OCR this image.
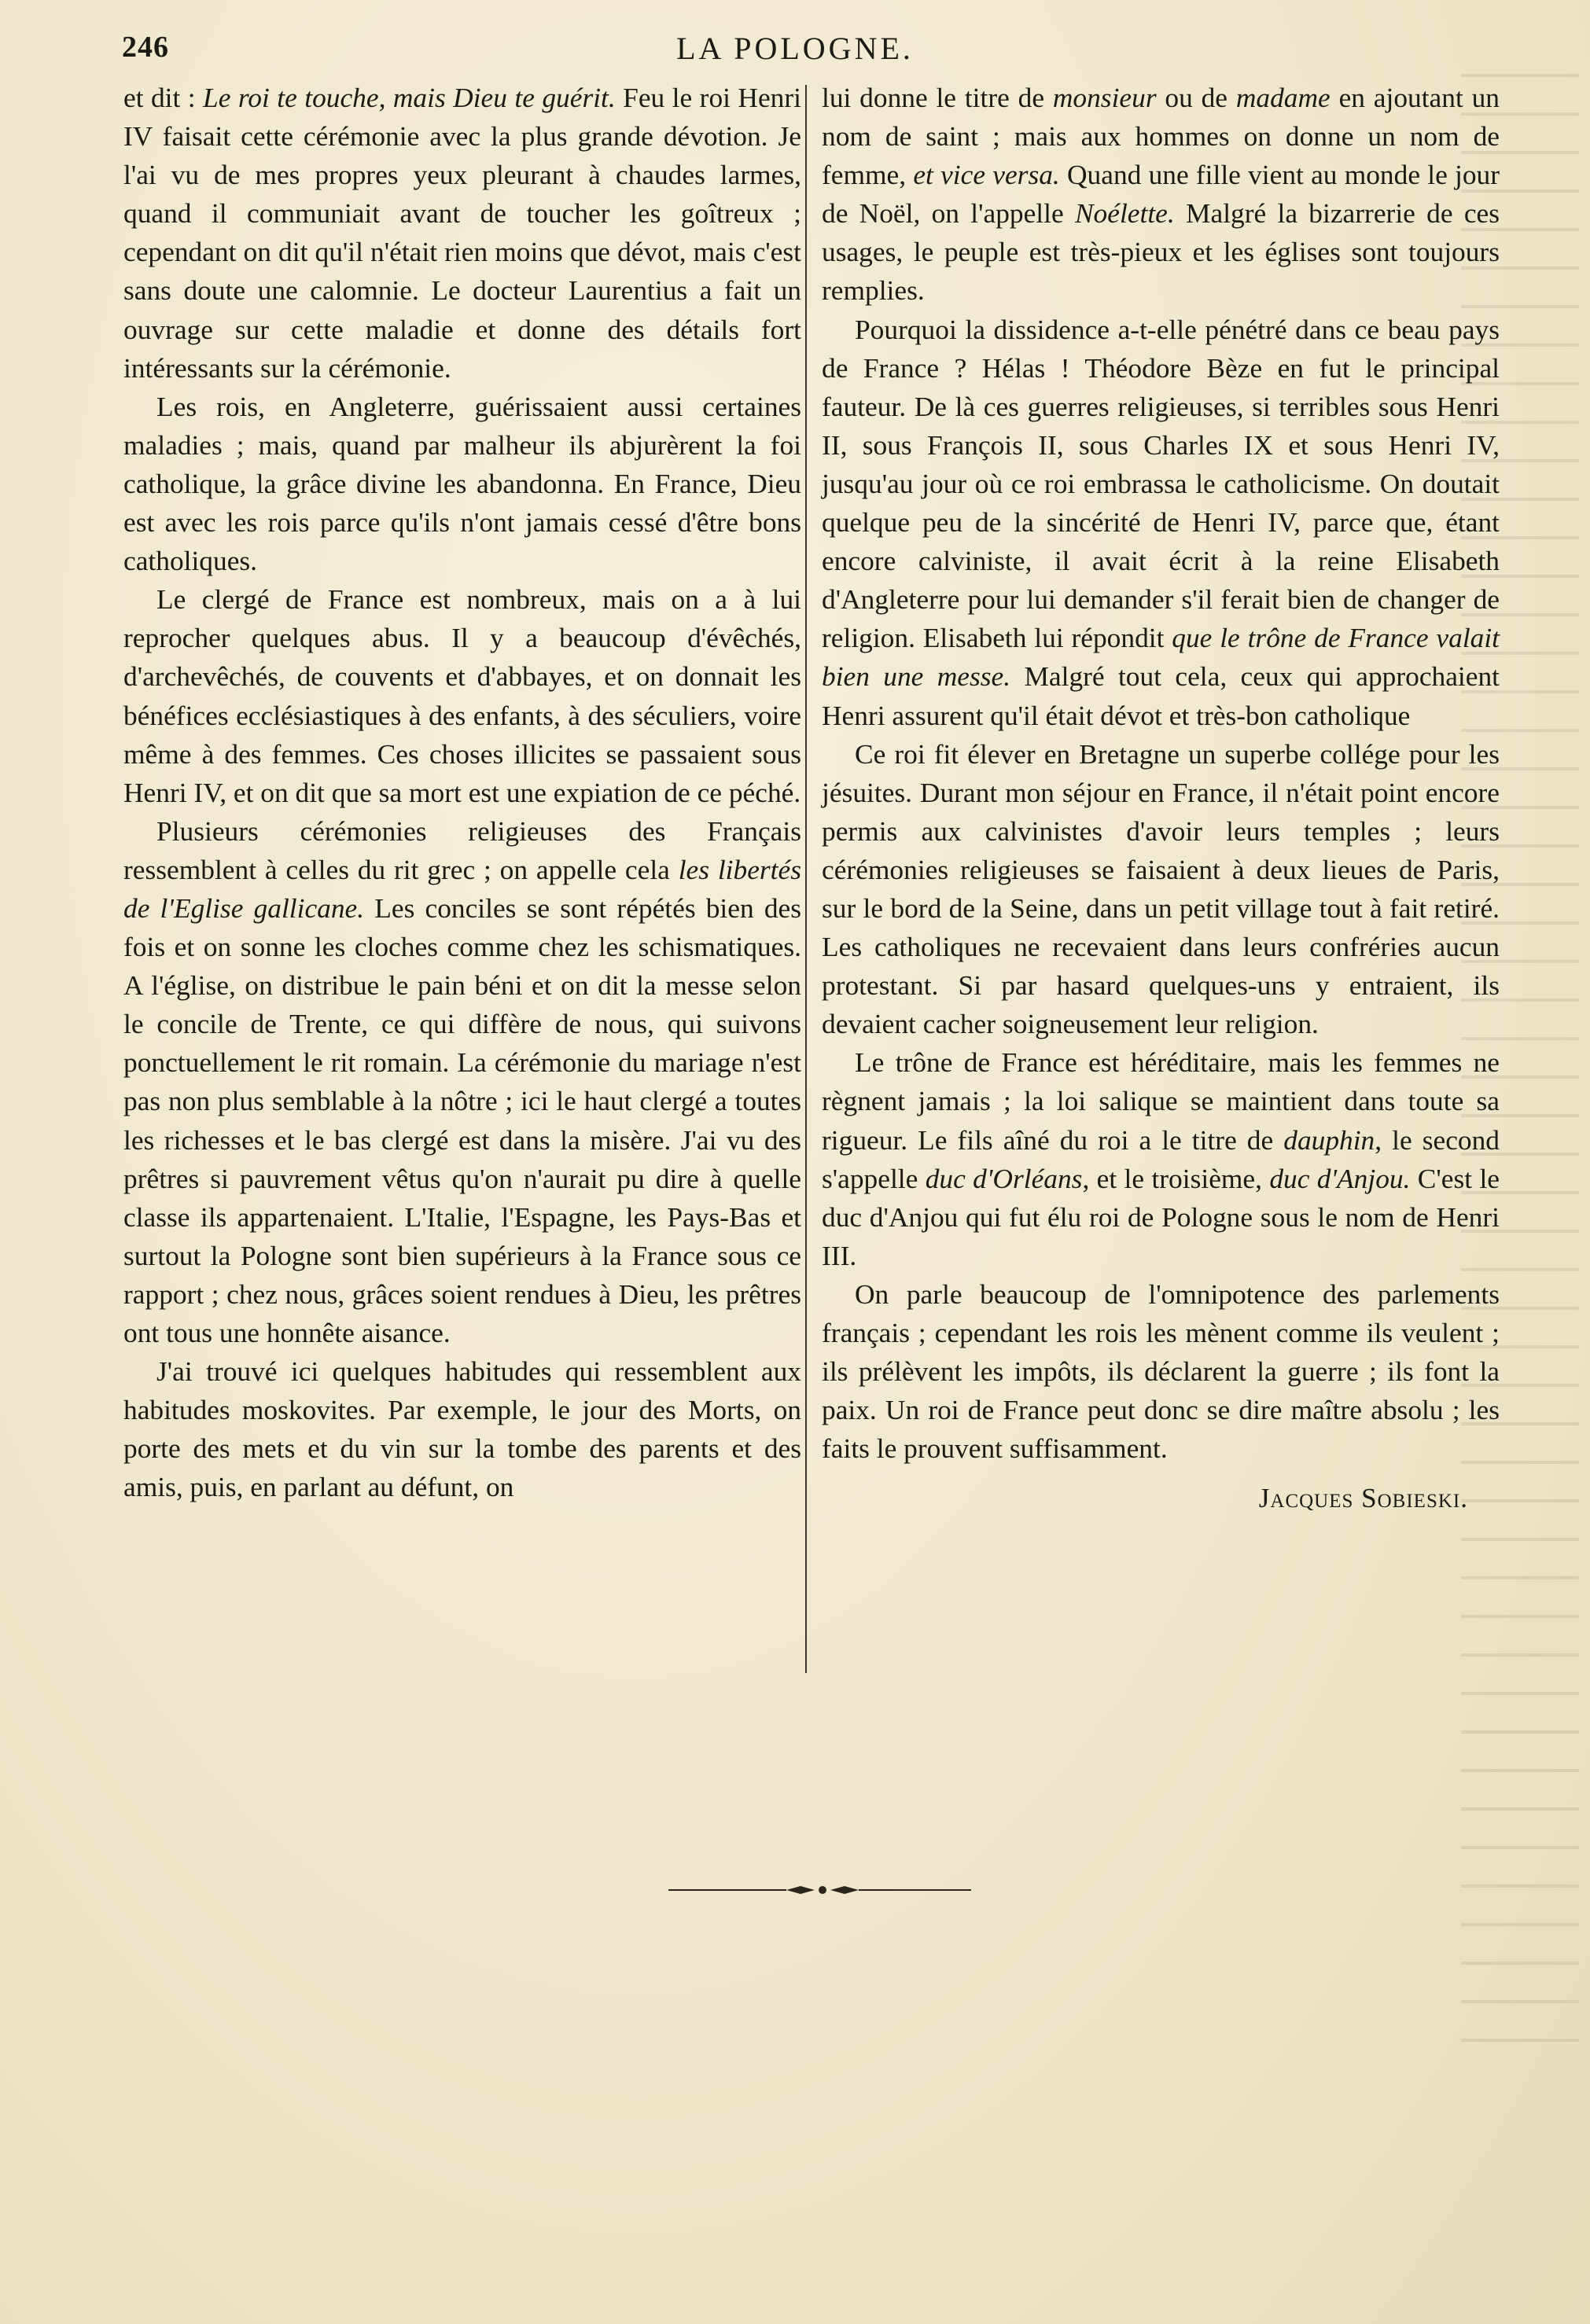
246	LA POLOGNE.

et dit : Le roi te touche, mais Dieu te guérit. Feu le roi Henri IV faisait cette cérémonie avec la plus grande dévotion. Je l'ai vu de mes propres yeux pleurant à chaudes larmes, quand il communiait avant de toucher les goîtreux ; cependant on dit qu'il n'était rien moins que dévot, mais c'est sans doute une calomnie. Le docteur Laurentius a fait un ouvrage sur cette maladie et donne des détails fort intéressants sur la cérémonie.

Les rois, en Angleterre, guérissaient aussi certaines maladies ; mais, quand par malheur ils abjurèrent la foi catholique, la grâce divine les abandonna. En France, Dieu est avec les rois parce qu'ils n'ont jamais cessé d'être bons catholiques.

Le clergé de France est nombreux, mais on a à lui reprocher quelques abus. Il y a beaucoup d'évêchés, d'archevêchés, de couvents et d'abbayes, et on donnait les bénéfices ecclésiastiques à des enfants, à des séculiers, voire même à des femmes. Ces choses illicites se passaient sous Henri IV, et on dit que sa mort est une expiation de ce péché.

Plusieurs cérémonies religieuses des Français ressemblent à celles du rit grec ; on appelle cela les libertés de l'Eglise gallicane. Les conciles se sont répétés bien des fois et on sonne les cloches comme chez les schismatiques. A l'église, on distribue le pain béni et on dit la messe selon le concile de Trente, ce qui diffère de nous, qui suivons ponctuellement le rit romain. La cérémonie du mariage n'est pas non plus semblable à la nôtre ; ici le haut clergé a toutes les richesses et le bas clergé est dans la misère. J'ai vu des prêtres si pauvrement vêtus qu'on n'aurait pu dire à quelle classe ils appartenaient. L'Italie, l'Espagne, les Pays-Bas et surtout la Pologne sont bien supérieurs à la France sous ce rapport ; chez nous, grâces soient rendues à Dieu, les prêtres ont tous une honnête aisance.

J'ai trouvé ici quelques habitudes qui ressemblent aux habitudes moskovites. Par exemple, le jour des Morts, on porte des mets et du vin sur la tombe des parents et des amis, puis, en parlant au défunt, on

lui donne le titre de monsieur ou de madame en ajoutant un nom de saint ; mais aux hommes on donne un nom de femme, et vice versa. Quand une fille vient au monde le jour de Noël, on l'appelle Noélette. Malgré la bizarrerie de ces usages, le peuple est très-pieux et les églises sont toujours remplies.

Pourquoi la dissidence a-t-elle pénétré dans ce beau pays de France ? Hélas ! Théodore Bèze en fut le principal fauteur. De là ces guerres religieuses, si terribles sous Henri II, sous François II, sous Charles IX et sous Henri IV, jusqu'au jour où ce roi embrassa le catholicisme. On doutait quelque peu de la sincérité de Henri IV, parce que, étant encore calviniste, il avait écrit à la reine Elisabeth d'Angleterre pour lui demander s'il ferait bien de changer de religion. Elisabeth lui répondit que le trône de France valait bien une messe. Malgré tout cela, ceux qui approchaient Henri assurent qu'il était dévot et très-bon catholique

Ce roi fit élever en Bretagne un superbe collége pour les jésuites. Durant mon séjour en France, il n'était point encore permis aux calvinistes d'avoir leurs temples ; leurs cérémonies religieuses se faisaient à deux lieues de Paris, sur le bord de la Seine, dans un petit village tout à fait retiré. Les catholiques ne recevaient dans leurs confréries aucun protestant. Si par hasard quelques-uns y entraient, ils devaient cacher soigneusement leur religion.

Le trône de France est héréditaire, mais les femmes ne règnent jamais ; la loi salique se maintient dans toute sa rigueur. Le fils aîné du roi a le titre de dauphin, le second s'appelle duc d'Orléans, et le troisième, duc d'Anjou. C'est le duc d'Anjou qui fut élu roi de Pologne sous le nom de Henri III.

On parle beaucoup de l'omnipotence des parlements français ; cependant les rois les mènent comme ils veulent ; ils prélèvent les impôts, ils déclarent la guerre ; ils font la paix. Un roi de France peut donc se dire maître absolu ; les faits le prouvent suffisamment.

Jacques Sobieski.
